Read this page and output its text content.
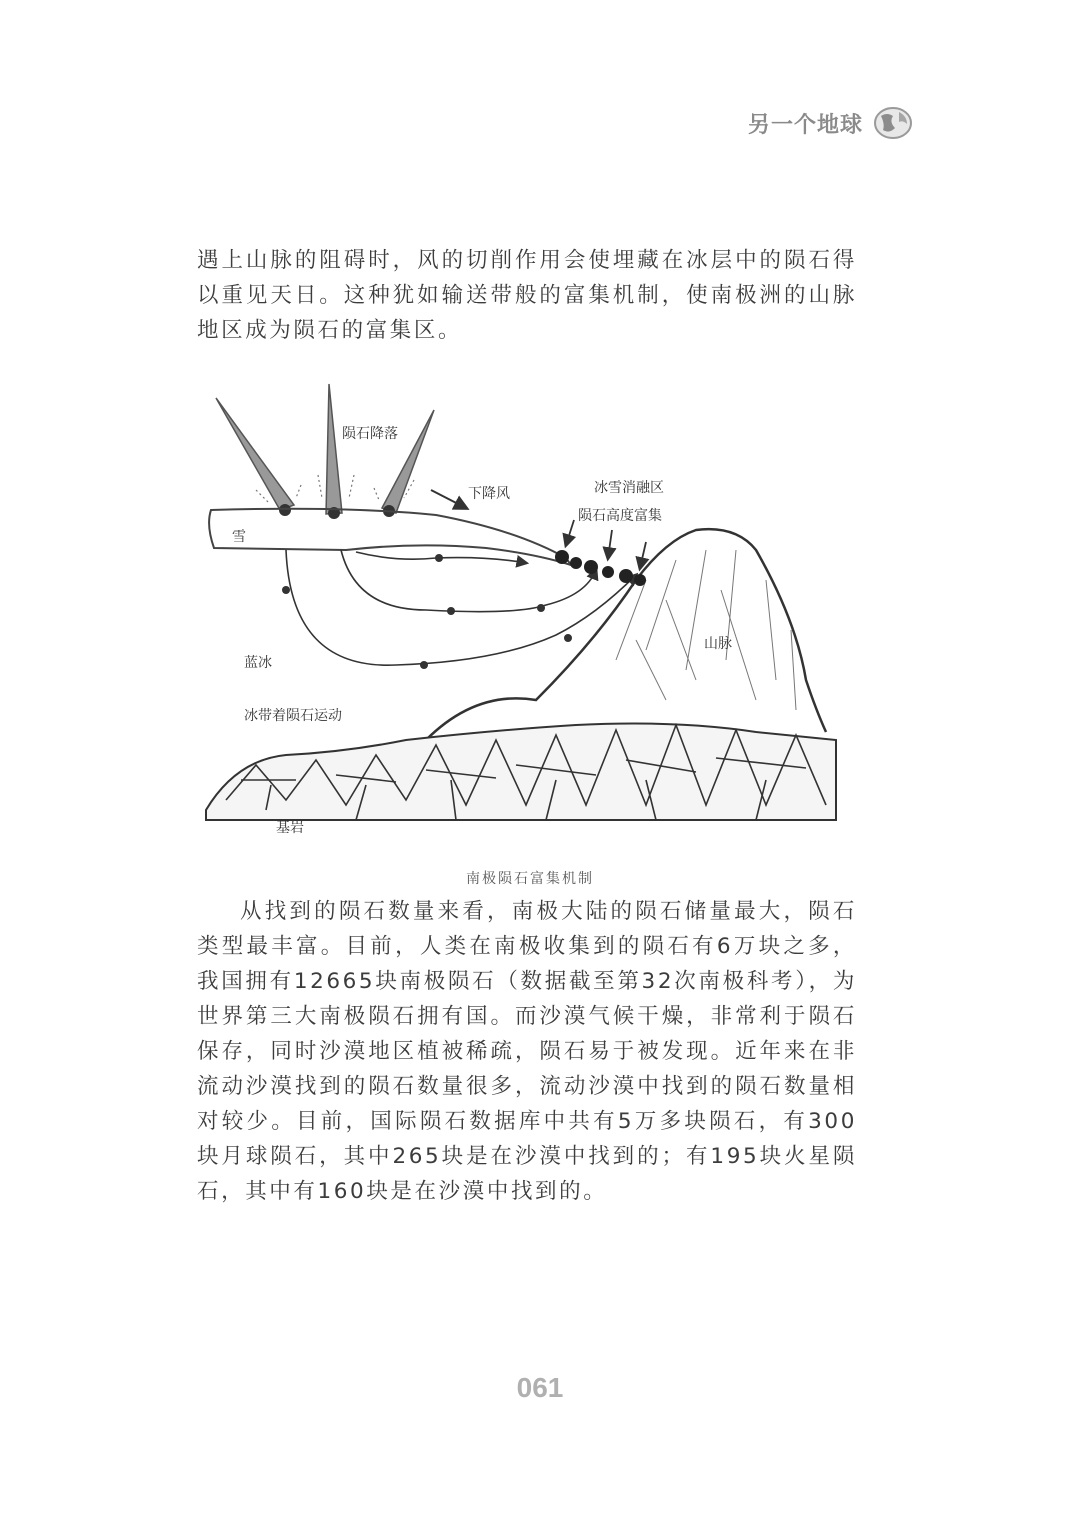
另一个地球

遇上山脉的阻碍时，风的切削作用会使埋藏在冰层中的陨石得以重见天日。这种犹如输送带般的富集机制，使南极洲的山脉地区成为陨石的富集区。

陨石降落
下降风	冰雪消融区
陨石高度富集
雪
山脉
蓝冰
冰带着陨石运动
基岩
南极陨石富集机制

从找到的陨石数量来看，南极大陆的陨石储量最大，陨石类型最丰富。目前，人类在南极收集到的陨石有6万块之多，我国拥有12665块南极陨石（数据截至第32次南极科考），为世界第三大南极陨石拥有国。而沙漠气候干燥，非常利于陨石保存，同时沙漠地区植被稀疏，陨石易于被发现。近年来在非流动沙漠找到的陨石数量很多，流动沙漠中找到的陨石数量相对较少。目前，国际陨石数据库中共有5万多块陨石，有300块月球陨石，其中265块是在沙漠中找到的；有195块火星陨石，其中有160块是在沙漠中找到的。

061
